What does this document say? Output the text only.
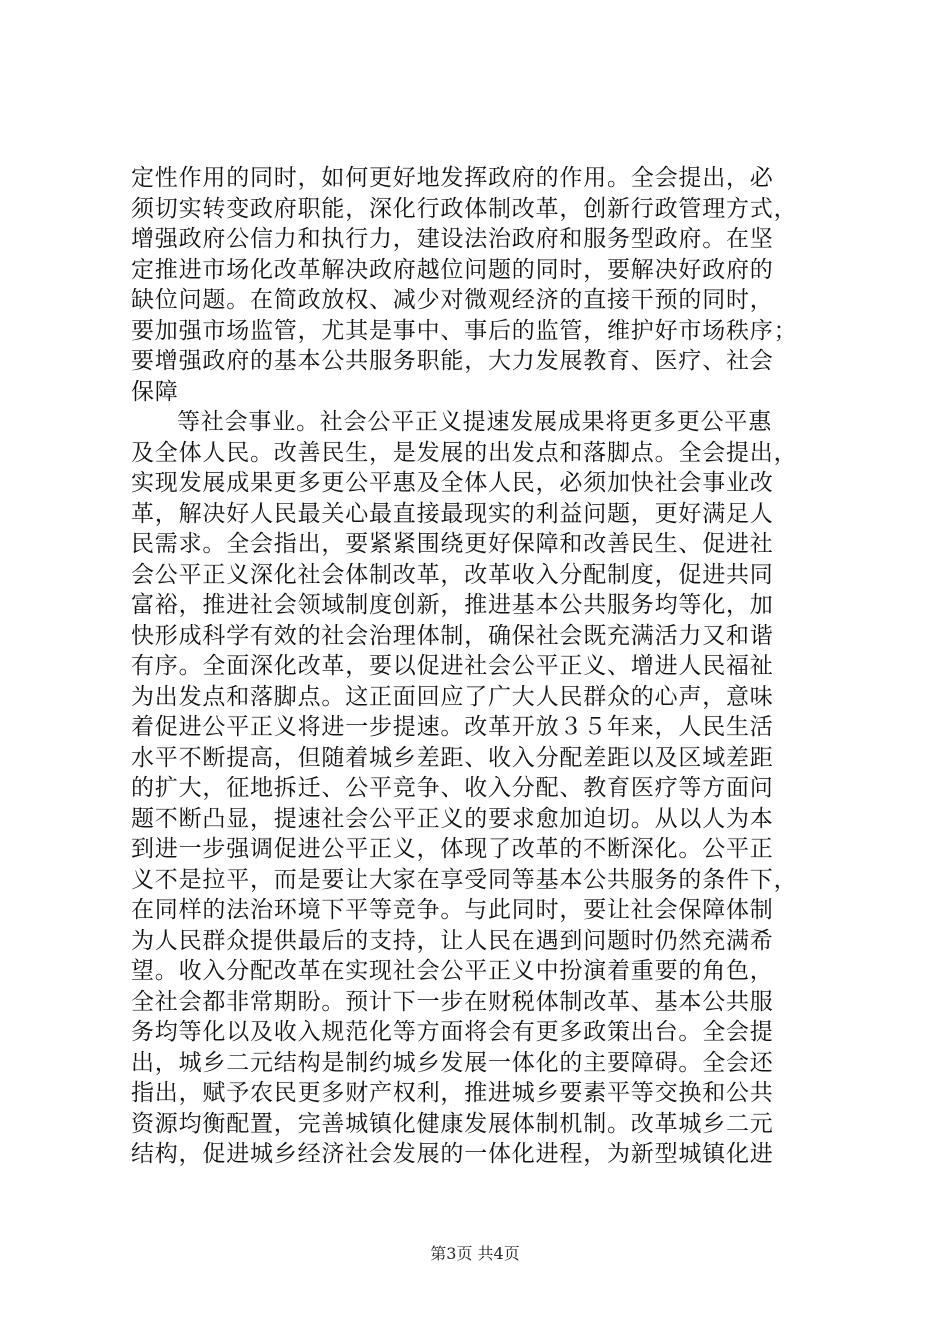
定性作用的同时，如何更好地发挥政府的作用。全会提出，必
须切实转变政府职能，深化行政体制改革，创新行政管理方式，
增强政府公信力和执行力，建设法治政府和服务型政府。在坚
定推进市场化改革解决政府越位问题的同时，要解决好政府的
缺位问题。在简政放权、减少对微观经济的直接干预的同时，
要加强市场监管，尤其是事中、事后的监管，维护好市场秩序；
要增强政府的基本公共服务职能，大力发展教育、医疗、社会
保障
等社会事业。社会公平正义提速发展成果将更多更公平惠
及全体人民。改善民生，是发展的出发点和落脚点。全会提出，
实现发展成果更多更公平惠及全体人民，必须加快社会事业改
革，解决好人民最关心最直接最现实的利益问题，更好满足人
民需求。全会指出，要紧紧围绕更好保障和改善民生、促进社
会公平正义深化社会体制改革，改革收入分配制度，促进共同
富裕，推进社会领域制度创新，推进基本公共服务均等化，加
快形成科学有效的社会治理体制，确保社会既充满活力又和谐
有序。全面深化改革，要以促进社会公平正义、增进人民福祉
为出发点和落脚点。这正面回应了广大人民群众的心声，意味
着促进公平正义将进一步提速。改革开放３５年来，人民生活
水平不断提高，但随着城乡差距、收入分配差距以及区域差距
的扩大，征地拆迁、公平竞争、收入分配、教育医疗等方面问
题不断凸显，提速社会公平正义的要求愈加迫切。从以人为本
到进一步强调促进公平正义，体现了改革的不断深化。公平正
义不是拉平，而是要让大家在享受同等基本公共服务的条件下，
在同样的法治环境下平等竞争。与此同时，要让社会保障体制
为人民群众提供最后的支持，让人民在遇到问题时仍然充满希
望。收入分配改革在实现社会公平正义中扮演着重要的角色，
全社会都非常期盼。预计下一步在财税体制改革、基本公共服
务均等化以及收入规范化等方面将会有更多政策出台。全会提
出，城乡二元结构是制约城乡发展一体化的主要障碍。全会还
指出，赋予农民更多财产权利，推进城乡要素平等交换和公共
资源均衡配置，完善城镇化健康发展体制机制。改革城乡二元
结构，促进城乡经济社会发展的一体化进程，为新型城镇化进
第3页 共4页
